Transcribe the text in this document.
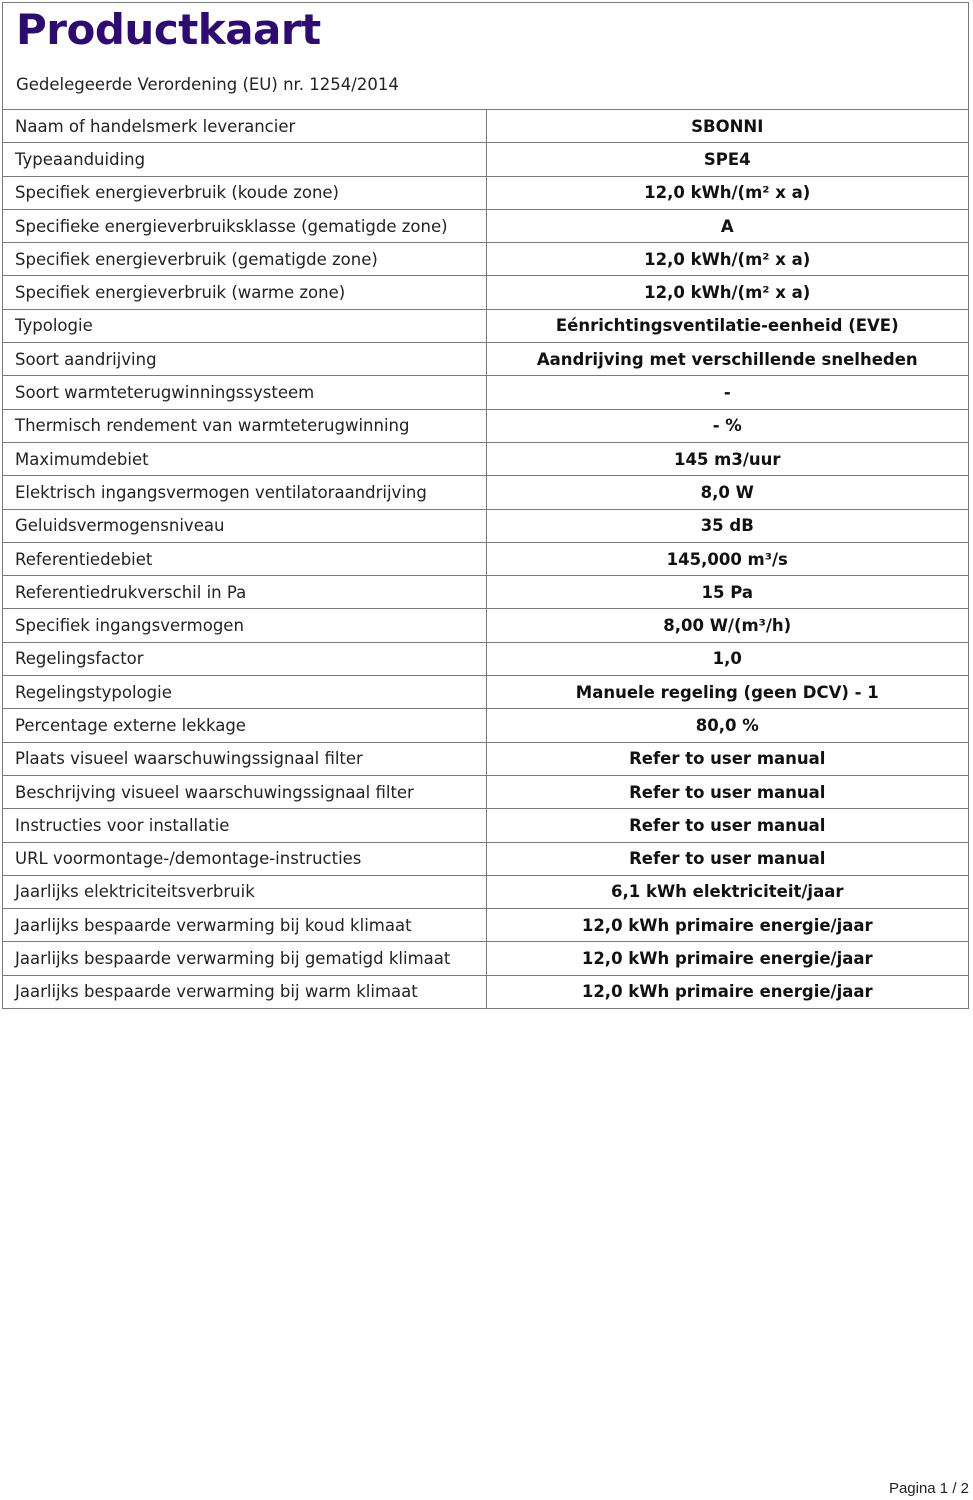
Productkaart
Gedelegeerde Verordening (EU) nr. 1254/2014
Naam of handelsmerk leverancier	SBONNI
Typeaanduiding	SPE4
Specifiek energieverbruik (koude zone)	12,0 kWh/(m² x a)
Specifieke energieverbruiksklasse (gematigde zone)	A
Specifiek energieverbruik (gematigde zone)	12,0 kWh/(m² x a)
Specifiek energieverbruik (warme zone)	12,0 kWh/(m² x a)
Typologie	Eénrichtingsventilatie-eenheid (EVE)
Soort aandrijving	Aandrijving met verschillende snelheden
Soort warmteterugwinningssysteem	-
Thermisch rendement van warmteterugwinning	- %
Maximumdebiet	145 m3/uur
Elektrisch ingangsvermogen ventilatoraandrijving	8,0 W
Geluidsvermogensniveau	35 dB
Referentiedebiet	145,000 m³/s
Referentiedrukverschil in Pa	15 Pa
Specifiek ingangsvermogen	8,00 W/(m³/h)
Regelingsfactor	1,0
Regelingstypologie	Manuele regeling (geen DCV) - 1
Percentage externe lekkage	80,0 %
Plaats visueel waarschuwingssignaal filter	Refer to user manual
Beschrijving visueel waarschuwingssignaal filter	Refer to user manual
Instructies voor installatie	Refer to user manual
URL voormontage-/demontage-instructies	Refer to user manual
Jaarlijks elektriciteitsverbruik	6,1 kWh elektriciteit/jaar
Jaarlijks bespaarde verwarming bij koud klimaat	12,0 kWh primaire energie/jaar
Jaarlijks bespaarde verwarming bij gematigd klimaat	12,0 kWh primaire energie/jaar
Jaarlijks bespaarde verwarming bij warm klimaat	12,0 kWh primaire energie/jaar
Pagina 1 / 2
